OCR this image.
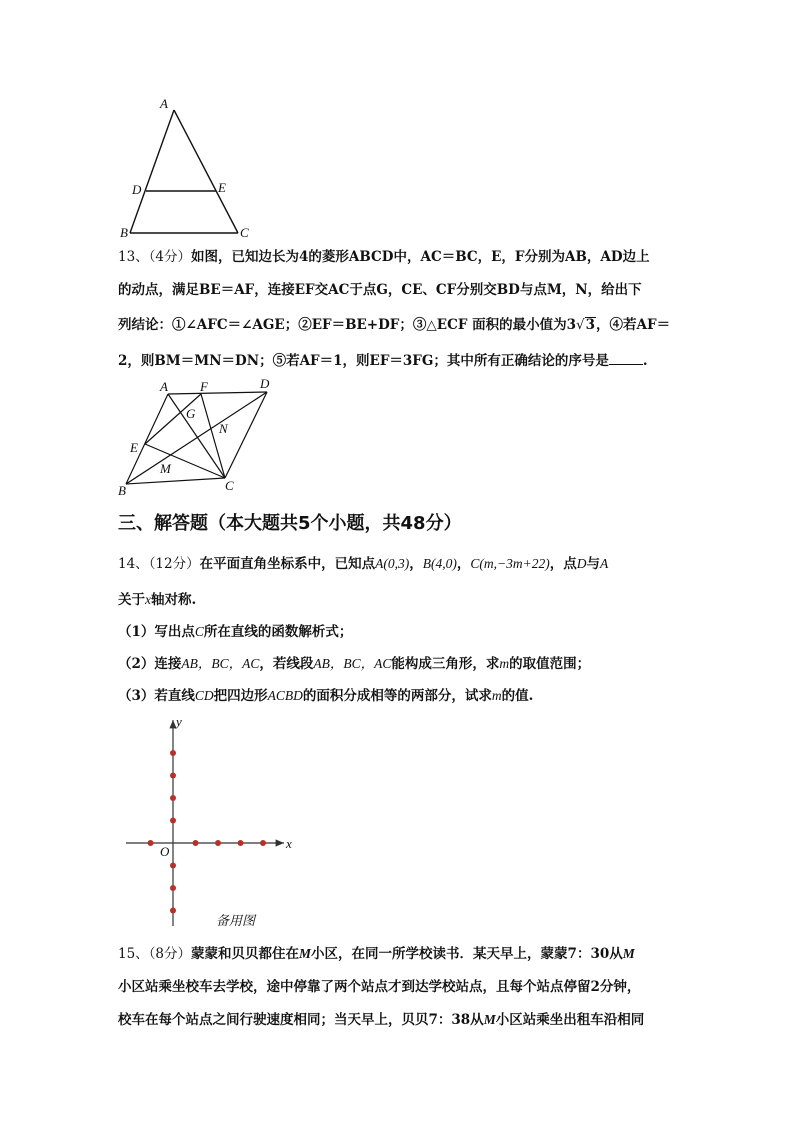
A
D	E
B	C
13、（4分）如图，已知边长为4的菱形ABCD中，AC＝BC，E，F分别为AB，AD边上
的动点，满足BE＝AF，连接EF交AC于点G，CE、CF分别交BD与点M，N，给出下
列结论：①∠AFC＝∠AGE；②EF＝BE+DF；③△ECF 面积的最小值为3√3，④若AF＝
2，则BM＝MN＝DN；⑤若AF＝1，则EF＝3FG；其中所有正确结论的序号是	.
A F	D
G
N
E
M
B	C
三、解答题（本大题共5个小题，共48分）
14、（12分）在平面直角坐标系中，已知点A(0,3)，B(4,0)，C(m,−3m+22)，点D与A
关于x轴对称.
（1）写出点C所在直线的函数解析式；
（2）连接AB，BC，AC，若线段AB，BC，AC能构成三角形，求m的取值范围；
（3）若直线CD把四边形ACBD的面积分成相等的两部分，试求m的值.
y
x
O
备用图
15、（8分）蒙蒙和贝贝都住在M小区，在同一所学校读书．某天早上，蒙蒙7：30从M
小区站乘坐校车去学校，途中停靠了两个站点才到达学校站点，且每个站点停留2分钟，
校车在每个站点之间行驶速度相同；当天早上，贝贝7：38从M小区站乘坐出租车沿相同
